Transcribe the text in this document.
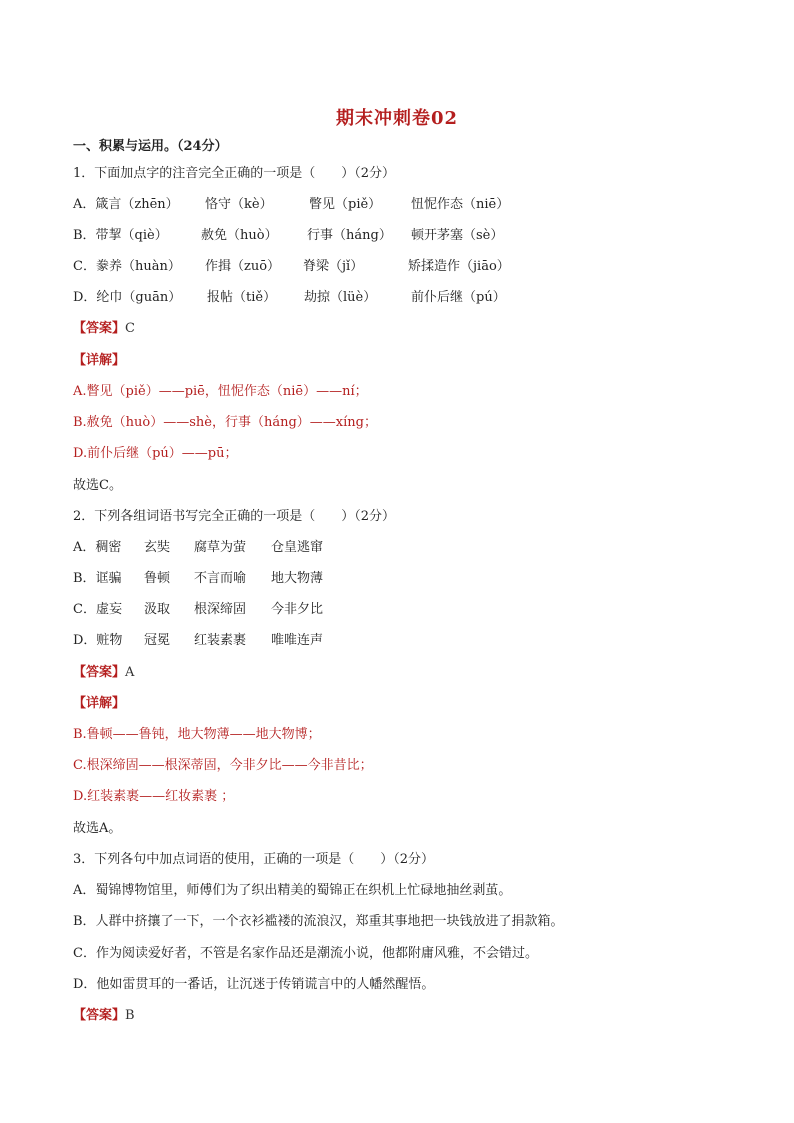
期末冲刺卷02
一、积累与运用。（24分）
1．下面加点字的注音完全正确的一项是（　　）（2分）
A．箴言（zhēn） 恪守（kè）	瞥见（piě） 忸怩作态（niē）
B．带挈（qiè）	赦免（huò） 行事（háng） 顿开茅塞（sè）
C．豢养（huàn） 作揖（zuō） 脊梁（jǐ）	矫揉造作（jiāo）
D．纶巾（guān） 报帖（tiě） 劫掠（lüè）	前仆后继（pú）
【答案】C
【详解】
A.瞥见（piě）——piē，忸怩作态（niē）——ní；
B.赦免（huò）——shè，行事（háng）——xíng；
D.前仆后继（pú）——pū；
故选C。
2．下列各组词语书写完全正确的一项是（　　）（2分）
A．稠密 玄奘 腐草为萤 仓皇逃窜
B．诓骗 鲁顿 不言而喻 地大物薄
C．虚妄 汲取 根深缔固 今非夕比
D．赃物 冠冕 红装素裹 唯唯连声
【答案】A
【详解】
B.鲁顿——鲁钝，地大物薄——地大物博；
C.根深缔固——根深蒂固，今非夕比——今非昔比；
D.红装素裹——红妆素裹 ；
故选A。
3．下列各句中加点词语的使用，正确的一项是（　　）（2分）
A．蜀锦博物馆里，师傅们为了织出精美的蜀锦正在织机上忙碌地抽丝剥茧。
B．人群中挤攘了一下，一个衣衫褴褛的流浪汉，郑重其事地把一块钱放进了捐款箱。
C．作为阅读爱好者，不管是名家作品还是潮流小说，他都附庸风雅，不会错过。
D．他如雷贯耳的一番话，让沉迷于传销谎言中的人幡然醒悟。
【答案】B
